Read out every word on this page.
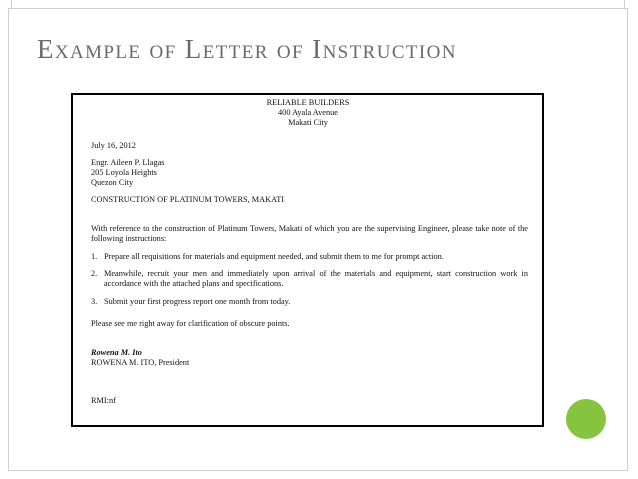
Example of Letter of Instruction
RELIABLE BUILDERS
400 Ayala Avenue
Makati City
July 16, 2012
Engr. Aileen P. Llagas
205 Loyola Heights
Quezon City
CONSTRUCTION OF PLATINUM TOWERS, MAKATI
With reference to the construction of Platinum Towers, Makati of which you are the supervising Engineer, please take note of the following instructions:
1. Prepare all requisitions for materials and equipment needed, and submit them to me for prompt action.
2. Meanwhile, recruit your men and immediately upon arrival of the materials and equipment, start construction work in accordance with the attached plans and specifications.
3. Submit your first progress report one month from today.
Please see me right away for clarification of obscure points.
Rowena M. Ito
ROWENA M. ITO, President
RMI:nf
